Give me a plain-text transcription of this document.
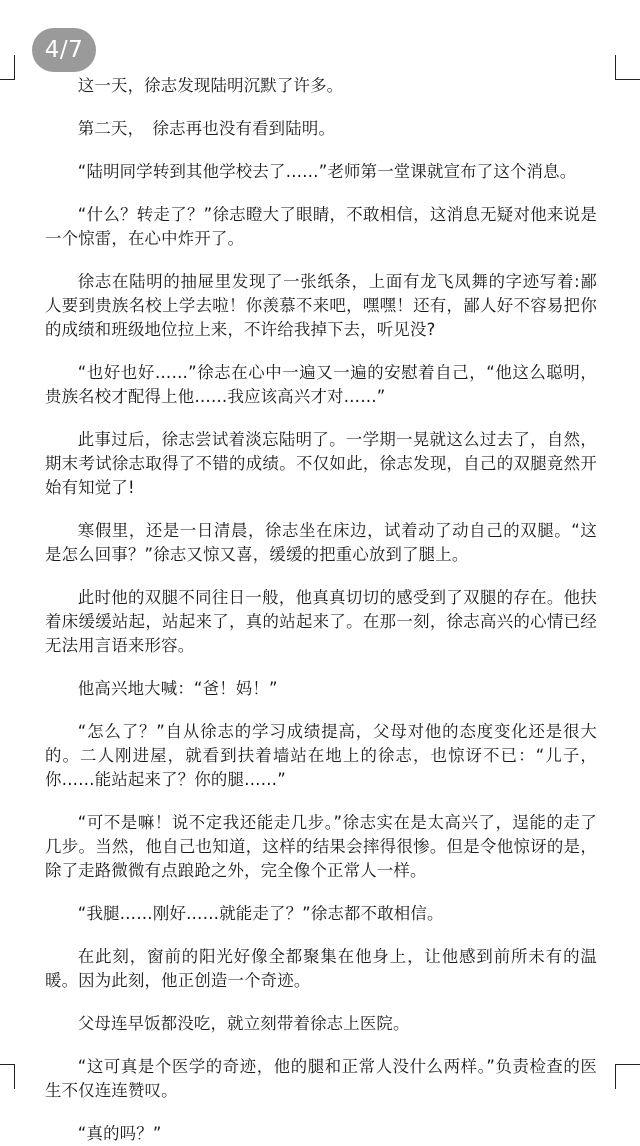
4/7

这一天，徐志发现陆明沉默了许多。

第二天，　徐志再也没有看到陆明。

“陆明同学转到其他学校去了……”老师第一堂课就宣布了这个消息。

“什么？转走了？”徐志瞪大了眼睛，不敢相信，这消息无疑对他来说是一个惊雷，在心中炸开了。

徐志在陆明的抽屉里发现了一张纸条，上面有龙飞凤舞的字迹写着:鄙人要到贵族名校上学去啦！你羡慕不来吧，嘿嘿！还有，鄙人好不容易把你的成绩和班级地位拉上来，不许给我掉下去，听见没?

“也好也好……”徐志在心中一遍又一遍的安慰着自己，“他这么聪明，贵族名校才配得上他……我应该高兴才对……”

此事过后，徐志尝试着淡忘陆明了。一学期一晃就这么过去了，自然，期末考试徐志取得了不错的成绩。不仅如此，徐志发现，自己的双腿竟然开始有知觉了!

寒假里，还是一日清晨，徐志坐在床边，试着动了动自己的双腿。“这是怎么回事？”徐志又惊又喜，缓缓的把重心放到了腿上。

此时他的双腿不同往日一般，他真真切切的感受到了双腿的存在。他扶着床缓缓站起，站起来了，真的站起来了。在那一刻，徐志高兴的心情已经无法用言语来形容。

他高兴地大喊：“爸！妈！”

“怎么了？”自从徐志的学习成绩提高，父母对他的态度变化还是很大的。二人刚进屋，就看到扶着墙站在地上的徐志，也惊讶不已：“儿子，你……能站起来了？你的腿……”

“可不是嘛！说不定我还能走几步。”徐志实在是太高兴了，逞能的走了几步。当然，他自己也知道，这样的结果会摔得很惨。但是令他惊讶的是，除了走路微微有点踉跄之外，完全像个正常人一样。

“我腿……刚好……就能走了？”徐志都不敢相信。

在此刻，窗前的阳光好像全都聚集在他身上，让他感到前所未有的温暖。因为此刻，他正创造一个奇迹。

父母连早饭都没吃，就立刻带着徐志上医院。

“这可真是个医学的奇迹，他的腿和正常人没什么两样。”负责检查的医生不仅连连赞叹。

“真的吗？”
